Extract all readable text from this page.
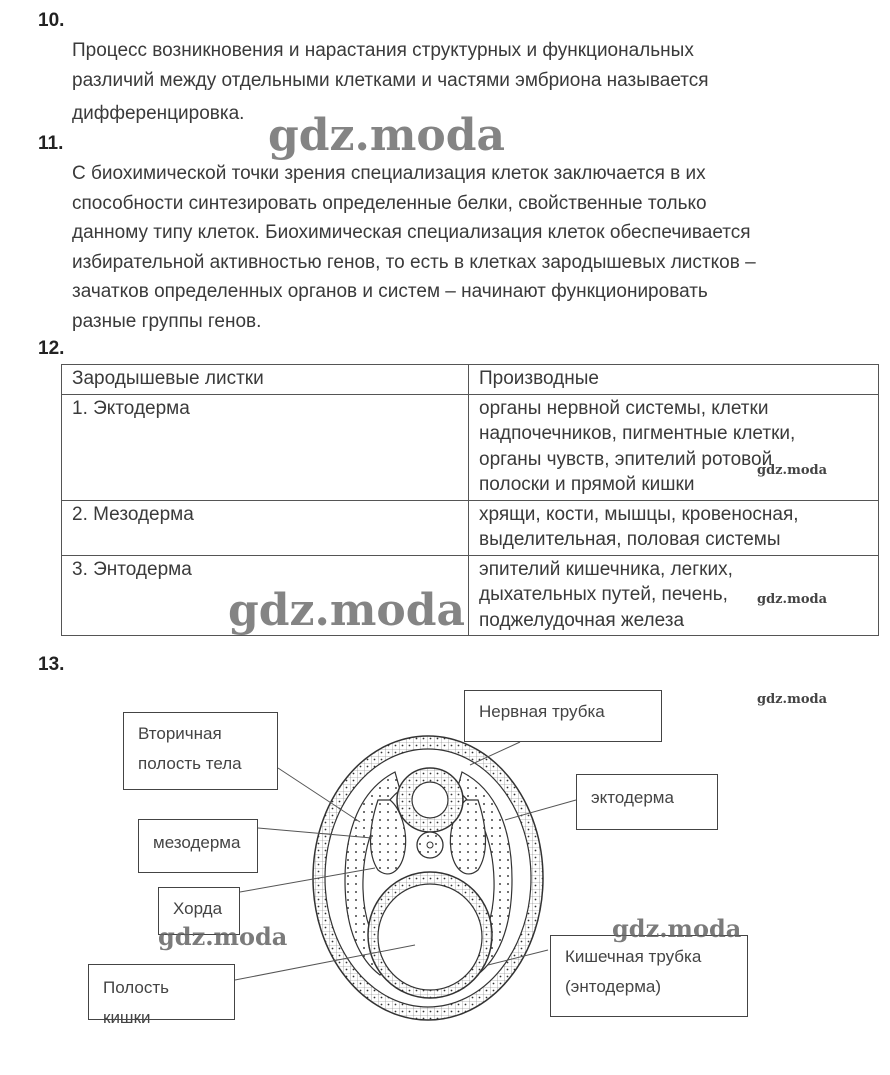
10.
Процесс возникновения и нарастания структурных и функциональных
различий между отдельными клетками и частями эмбриона называется
дифференцировка.
11.
С биохимической точки зрения специализация клеток заключается в их
способности синтезировать определенные белки, свойственные только
данному типу клеток. Биохимическая специализация клеток обеспечивается
избирательной активностью генов, то есть в клетках зародышевых листков –
зачатков определенных органов и систем – начинают функционировать
разные группы генов.
12.
Зародышевые листки	Производные
1. Эктодерма	органы нервной системы, клетки
надпочечников, пигментные клетки,
органы чувств, эпителий ротовой
полоски и прямой кишки

2. Мезодерма	хрящи, кости, мышцы, кровеносная,
выделительная, половая системы

3. Энтодерма	эпителий кишечника, легких,
дыхательных путей, печень,
поджелудочная железа
13.
Вторичная
полость тела
мезодерма
Хорда
Полость кишки
Нервная трубка
эктодерма
Кишечная трубка
(энтодерма)
gdz.moda
gdz.moda
gdz.moda	gdz.moda
gdz.moda
gdz.moda
gdz.moda
